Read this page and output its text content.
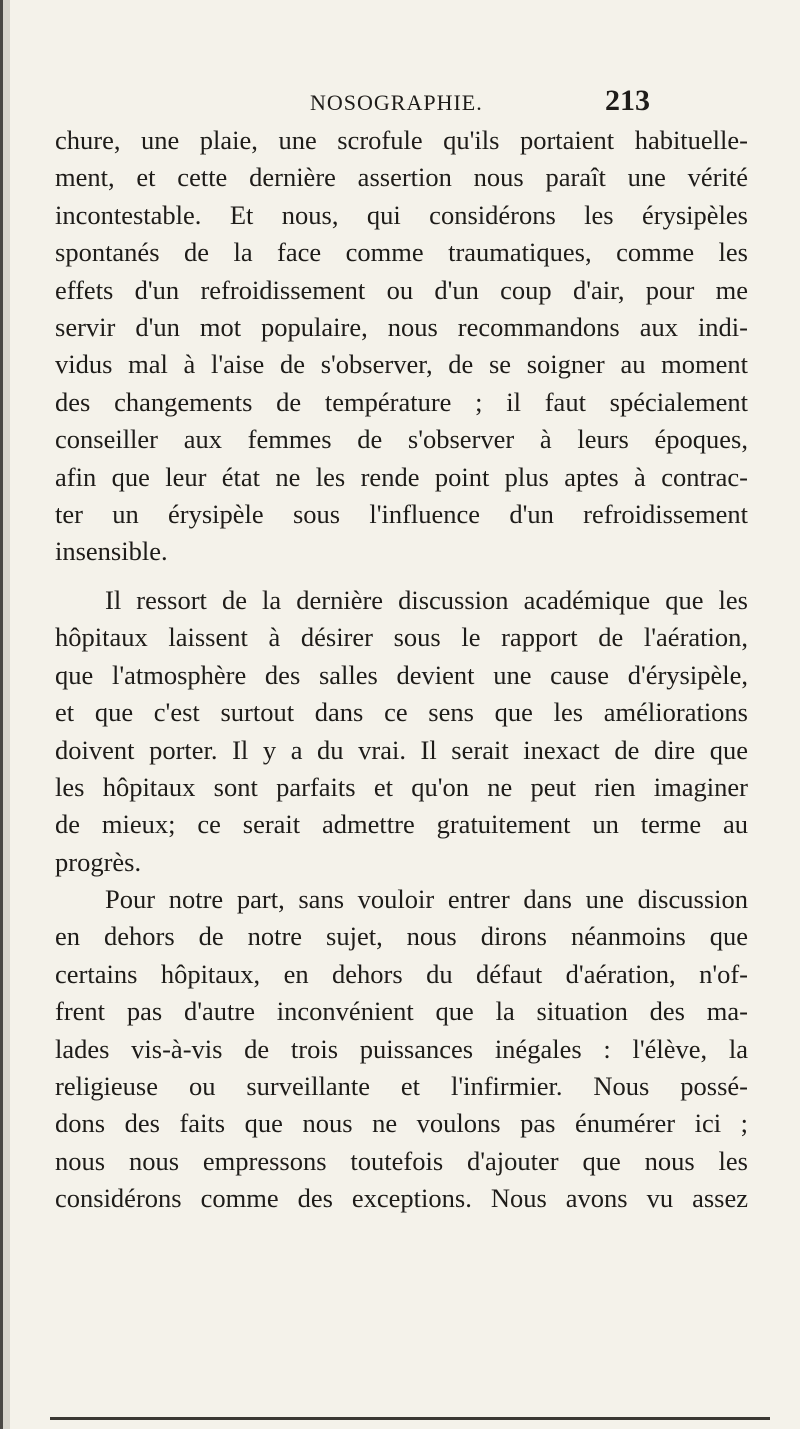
NOSOGRAPHIE.	213
chure, une plaie, une scrofule qu'ils portaient habituelle-
ment, et cette dernière assertion nous paraît une vérité
incontestable. Et nous, qui considérons les érysipèles
spontanés de la face comme traumatiques, comme les
effets d'un refroidissement ou d'un coup d'air, pour me
servir d'un mot populaire, nous recommandons aux indi-
vidus mal à l'aise de s'observer, de se soigner au moment
des changements de température ; il faut spécialement
conseiller aux femmes de s'observer à leurs époques,
afin que leur état ne les rende point plus aptes à contrac-
ter un érysipèle sous l'influence d'un refroidissement
insensible.
Il ressort de la dernière discussion académique que les
hôpitaux laissent à désirer sous le rapport de l'aération,
que l'atmosphère des salles devient une cause d'érysipèle,
et que c'est surtout dans ce sens que les améliorations
doivent porter. Il y a du vrai. Il serait inexact de dire que
les hôpitaux sont parfaits et qu'on ne peut rien imaginer
de mieux; ce serait admettre gratuitement un terme au
progrès.
Pour notre part, sans vouloir entrer dans une discussion
en dehors de notre sujet, nous dirons néanmoins que
certains hôpitaux, en dehors du défaut d'aération, n'of-
frent pas d'autre inconvénient que la situation des ma-
lades vis-à-vis de trois puissances inégales : l'élève, la
religieuse ou surveillante et l'infirmier. Nous possé-
dons des faits que nous ne voulons pas énumérer ici ;
nous nous empressons toutefois d'ajouter que nous les
considérons comme des exceptions. Nous avons vu assez
